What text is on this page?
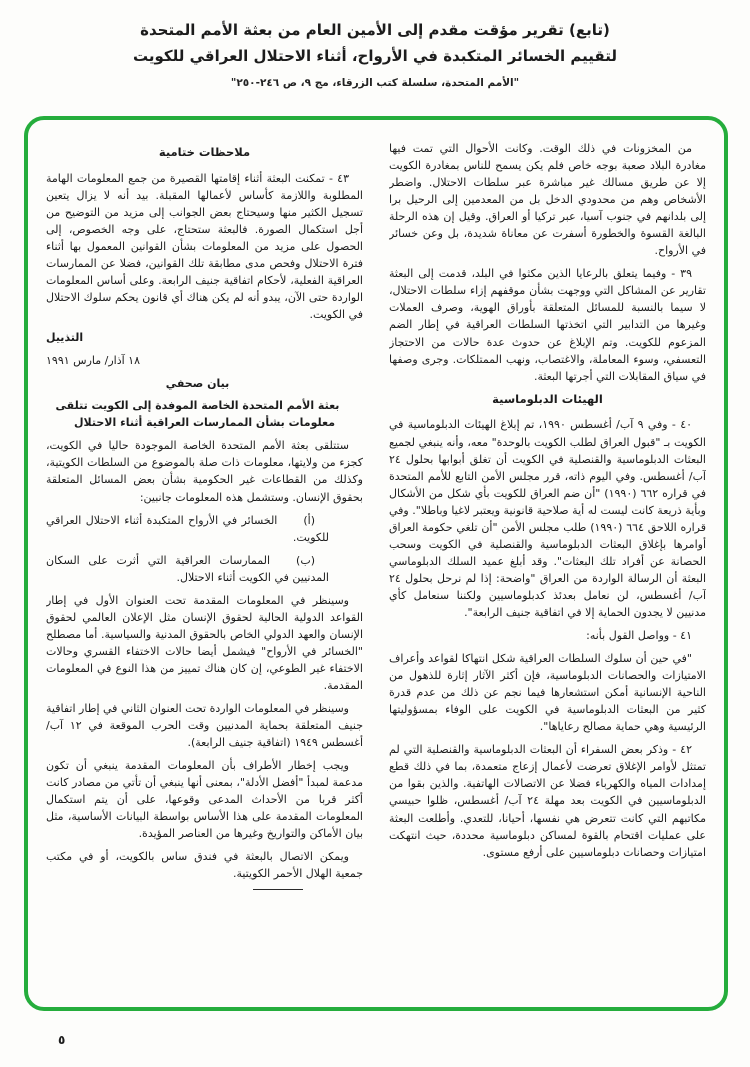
(تابع) تقرير مؤقت مقدم إلى الأمين العام من بعثة الأمم المتحدة
لتقييم الخسائر المتكبدة في الأرواح، أثناء الاحتلال العراقي للكويت
"الأمم المتحدة، سلسلة كتب الزرقاء، مج ٩، ص ٢٤٦-٢٥٠"

من المخزونات في ذلك الوقت. وكانت الأحوال التي تمت فيها مغادرة البلاد صعبة بوجه خاص فلم يكن يسمح للناس بمغادرة الكويت إلا عن طريق مسالك غير مباشرة عبر سلطات الاحتلال. واضطر الأشخاص وهم من محدودي الدخل بل من المعدمين إلى الرحيل برا إلى بلدانهم في جنوب آسيا، عبر تركيا أو العراق. وقيل إن هذه الرحلة البالغة القسوة والخطورة أسفرت عن معاناة شديدة، بل وعن خسائر في الأرواح.

٣٩ - وفيما يتعلق بالرعايا الذين مكثوا في البلد، قدمت إلى البعثة تقارير عن المشاكل التي ووجهت بشأن موقفهم إزاء سلطات الاحتلال، لا سيما بالنسبة للمسائل المتعلقة بأوراق الهوية، وصرف العملات وغيرها من التدابير التي اتخذتها السلطات العراقية في إطار الضم المزعوم للكويت. وتم الإبلاغ عن حدوث عدة حالات من الاحتجاز التعسفي، وسوء المعاملة، والاغتصاب، ونهب الممتلكات. وجرى وصفها في سياق المقابلات التي أجرتها البعثة.

الهيئات الدبلوماسية

٤٠ - وفي ٩ آب/ أغسطس ١٩٩٠، تم إبلاغ الهيئات الدبلوماسية في الكويت بـ "قبول العراق لطلب الكويت بالوحدة" معه، وأنه ينبغي لجميع البعثات الدبلوماسية والقنصلية في الكويت أن تغلق أبوابها بحلول ٢٤ آب/ أغسطس. وفي اليوم ذاته، قرر مجلس الأمن التابع للأمم المتحدة في قراره ٦٦٢ (١٩٩٠) "أن ضم العراق للكويت بأي شكل من الأشكال وبأية ذريعة كانت ليست له أية صلاحية قانونية ويعتبر لاغيا وباطلا". وفي قراره اللاحق ٦٦٤ (١٩٩٠) طلب مجلس الأمن "أن تلغي حكومة العراق أوامرها بإغلاق البعثات الدبلوماسية والقنصلية في الكويت وسحب الحصانة عن أفراد تلك البعثات". وقد أبلغ عميد السلك الدبلوماسي البعثة أن الرسالة الواردة من العراق "واضحة: إذا لم نرحل بحلول ٢٤ آب/ أغسطس، لن نعامل بعدئذ كدبلوماسيين ولكننا سنعامل كأي مدنيين لا يجدون الحماية إلا في اتفاقية جنيف الرابعة".

٤١ - وواصل القول بأنه:

"في حين أن سلوك السلطات العراقية شكل انتهاكا لقواعد وأعراف الامتيازات والحصانات الدبلوماسية، فإن أكثر الآثار إثارة للذهول من الناحية الإنسانية أمكن استشعارها فيما نجم عن ذلك من عدم قدرة كثير من البعثات الدبلوماسية في الكويت على الوفاء بمسؤوليتها الرئيسية وهي حماية مصالح رعاياها".

٤٢ - وذكر بعض السفراء أن البعثات الدبلوماسية والقنصلية التي لم تمتثل لأوامر الإغلاق تعرضت لأعمال إزعاج متعمدة، بما في ذلك قطع إمدادات المياه والكهرباء فضلا عن الاتصالات الهاتفية. والذين بقوا من الدبلوماسيين في الكويت بعد مهلة ٢٤ آب/ أغسطس، ظلوا حبيسي مكاتبهم التي كانت تتعرض هي نفسها، أحيانا، للتعدي. وأطلعت البعثة على عمليات اقتحام بالقوة لمساكن دبلوماسية محددة، حيث انتهكت امتيازات وحصانات دبلوماسيين على أرفع مستوى.

ملاحظات ختامية

٤٣ - تمكنت البعثة أثناء إقامتها القصيرة من جمع المعلومات الهامة المطلوبة واللازمة كأساس لأعمالها المقبلة. بيد أنه لا يزال يتعين تسجيل الكثير منها وسيحتاج بعض الجوانب إلى مزيد من التوضيح من أجل استكمال الصورة. فالبعثة ستحتاج، على وجه الخصوص، إلى الحصول على مزيد من المعلومات بشأن القوانين المعمول بها أثناء فترة الاحتلال وفحص مدى مطابقة تلك القوانين، فضلا عن الممارسات العراقية الفعلية، لأحكام اتفاقية جنيف الرابعة. وعلى أساس المعلومات الواردة حتى الآن، يبدو أنه لم يكن هناك أي قانون يحكم سلوك الاحتلال في الكويت.

التذييل

١٨ آذار/ مارس ١٩٩١

بيان صحفي

بعثة الأمم المتحدة الخاصة الموفدة إلى الكويت تتلقى معلومات بشأن الممارسات العراقية أثناء الاحتلال

ستتلقى بعثة الأمم المتحدة الخاصة الموجودة حاليا في الكويت، كجزء من ولايتها، معلومات ذات صلة بالموضوع من السلطات الكويتية، وكذلك من القطاعات غير الحكومية بشأن بعض المسائل المتعلقة بحقوق الإنسان. وستشمل هذه المعلومات جانبين:

(أ)الخسائر في الأرواح المتكبدة أثناء الاحتلال العراقي للكويت.

(ب)الممارسات العراقية التي أثرت على السكان المدنيين في الكويت أثناء الاحتلال.

وسينظر في المعلومات المقدمة تحت العنوان الأول في إطار القواعد الدولية الحالية لحقوق الإنسان مثل الإعلان العالمي لحقوق الإنسان والعهد الدولي الخاص بالحقوق المدنية والسياسية. أما مصطلح "الخسائر في الأرواح" فيشمل أيضا حالات الاختفاء القسري وحالات الاختفاء غير الطوعي، إن كان هناك تمييز من هذا النوع في المعلومات المقدمة.

وسينظر في المعلومات الواردة تحت العنوان الثاني في إطار اتفاقية جنيف المتعلقة بحماية المدنيين وقت الحرب الموقعة في ١٢ آب/ أغسطس ١٩٤٩ (اتفاقية جنيف الرابعة).

ويجب إخطار الأطراف بأن المعلومات المقدمة ينبغي أن تكون مدعمة لمبدأ "أفضل الأدلة"، بمعنى أنها ينبغي أن تأتي من مصادر كانت أكثر قربا من الأحداث المدعى وقوعها، على أن يتم استكمال المعلومات المقدمة على هذا الأساس بواسطة البيانات الأساسية، مثل بيان الأماكن والتواريخ وغيرها من العناصر المؤيدة.

ويمكن الاتصال بالبعثة في فندق ساس بالكويت، أو في مكتب جمعية الهلال الأحمر الكويتية.

٥
